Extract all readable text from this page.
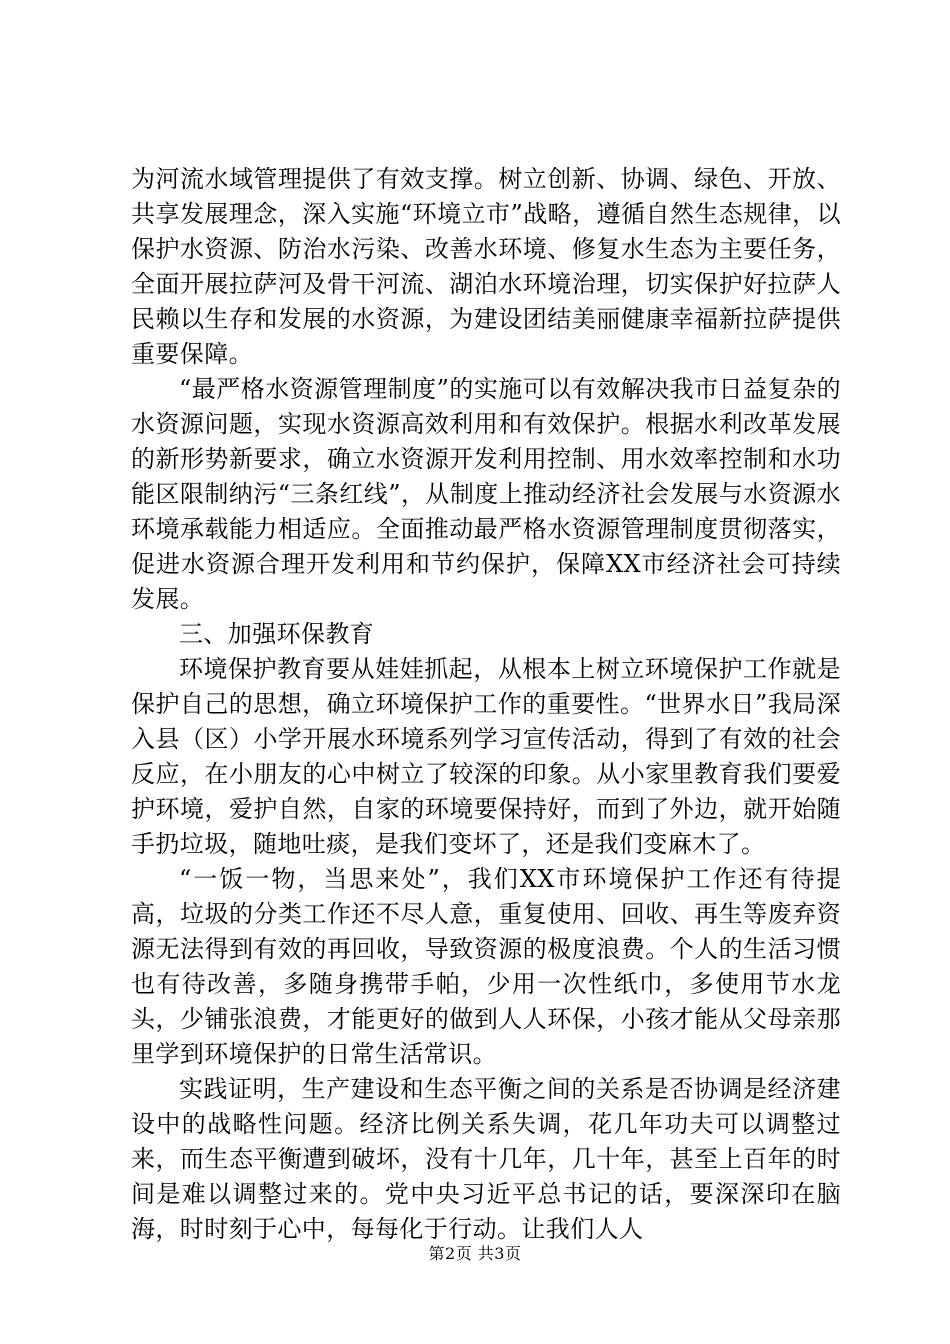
为河流水域管理提供了有效支撑。树立创新、协调、绿色、开放、共享发展理念，深入实施“环境立市”战略，遵循自然生态规律，以保护水资源、防治水污染、改善水环境、修复水生态为主要任务，全面开展拉萨河及骨干河流、湖泊水环境治理，切实保护好拉萨人民赖以生存和发展的水资源，为建设团结美丽健康幸福新拉萨提供重要保障。

“最严格水资源管理制度”的实施可以有效解决我市日益复杂的水资源问题，实现水资源高效利用和有效保护。根据水利改革发展的新形势新要求，确立水资源开发利用控制、用水效率控制和水功能区限制纳污“三条红线”，从制度上推动经济社会发展与水资源水环境承载能力相适应。全面推动最严格水资源管理制度贯彻落实，促进水资源合理开发利用和节约保护，保障XX市经济社会可持续发展。

三、加强环保教育

环境保护教育要从娃娃抓起，从根本上树立环境保护工作就是保护自己的思想，确立环境保护工作的重要性。“世界水日”我局深入县（区）小学开展水环境系列学习宣传活动，得到了有效的社会反应，在小朋友的心中树立了较深的印象。从小家里教育我们要爱护环境，爱护自然，自家的环境要保持好，而到了外边，就开始随手扔垃圾，随地吐痰，是我们变坏了，还是我们变麻木了。

“一饭一物，当思来处”，我们XX市环境保护工作还有待提高，垃圾的分类工作还不尽人意，重复使用、回收、再生等废弃资源无法得到有效的再回收，导致资源的极度浪费。个人的生活习惯也有待改善，多随身携带手帕，少用一次性纸巾，多使用节水龙头，少铺张浪费，才能更好的做到人人环保，小孩才能从父母亲那里学到环境保护的日常生活常识。

实践证明，生产建设和生态平衡之间的关系是否协调是经济建设中的战略性问题。经济比例关系失调，花几年功夫可以调整过来，而生态平衡遭到破坏，没有十几年，几十年，甚至上百年的时间是难以调整过来的。党中央习近平总书记的话，要深深印在脑海，时时刻于心中，每每化于行动。让我们人人

第2页 共3页
